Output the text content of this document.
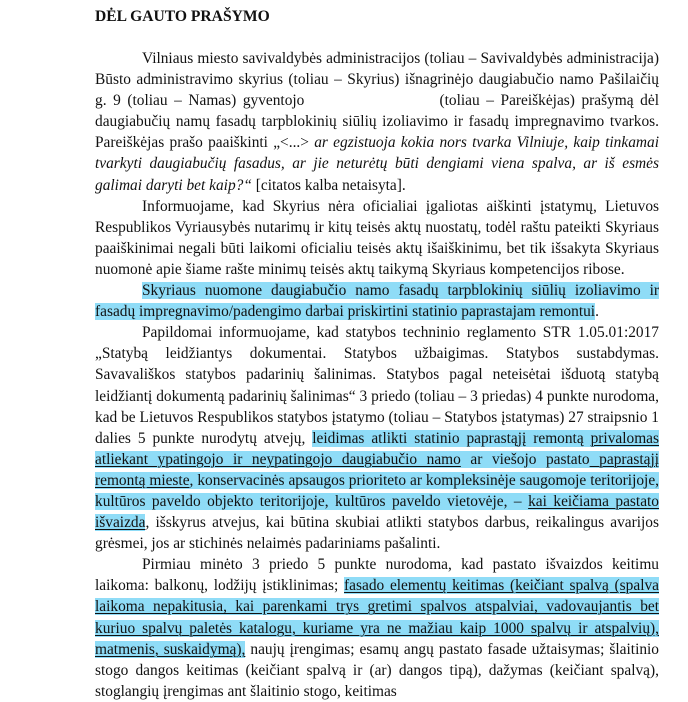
DĖL GAUTO PRAŠYMO

Vilniaus miesto savivaldybės administracijos (toliau – Savivaldybės administracija) Būsto administravimo skyrius (toliau – Skyrius) išnagrinėjo daugiabučio namo Pašilaičių g. 9 (toliau – Namas) gyventojo	(toliau – Pareiškėjas) prašymą dėl daugiabučių namų fasadų tarpblokinių siūlių izoliavimo ir fasadų impregnavimo tvarkos. Pareiškėjas prašo paaiškinti „<...> ar egzistuoja kokia nors tvarka Vilniuje, kaip tinkamai tvarkyti daugiabučių fasadus, ar jie neturėtų būti dengiami viena spalva, ar iš esmės galimai daryti bet kaip?“ [citatos kalba netaisyta].

Informuojame, kad Skyrius nėra oficialiai įgaliotas aiškinti įstatymų, Lietuvos Respublikos Vyriausybės nutarimų ir kitų teisės aktų nuostatų, todėl raštu pateikti Skyriaus paaiškinimai negali būti laikomi oficialiu teisės aktų išaiškinimu, bet tik išsakyta Skyriaus nuomonė apie šiame rašte minimų teisės aktų taikymą Skyriaus kompetencijos ribose.

Skyriaus nuomone daugiabučio namo fasadų tarpblokinių siūlių izoliavimo ir fasadų impregnavimo/padengimo darbai priskirtini statinio paprastajam remontui.

Papildomai informuojame, kad statybos techninio reglamento STR 1.05.01:2017 „Statybą leidžiantys dokumentai. Statybos užbaigimas. Statybos sustabdymas. Savavališkos statybos padarinių šalinimas. Statybos pagal neteisėtai išduotą statybą leidžiantį dokumentą padarinių šalinimas“ 3 priedo (toliau – 3 priedas) 4 punkte nurodoma, kad be Lietuvos Respublikos statybos įstatymo (toliau – Statybos įstatymas) 27 straipsnio 1 dalies 5 punkte nurodytų atvejų, leidimas atlikti statinio paprastąjį remontą privalomas atliekant ypatingojo ir neypatingojo daugiabučio namo ar viešojo pastato paprastąjį remontą mieste, konservacinės apsaugos prioriteto ar kompleksinėje saugomoje teritorijoje, kultūros paveldo objekto teritorijoje, kultūros paveldo vietovėje, – kai keičiama pastato išvaizda, išskyrus atvejus, kai būtina skubiai atlikti statybos darbus, reikalingus avarijos grėsmei, jos ar stichinės nelaimės padariniams pašalinti.

Pirmiau minėto 3 priedo 5 punkte nurodoma, kad pastato išvaizdos keitimu laikoma: balkonų, lodžijų įstiklinimas; fasado elementų keitimas (keičiant spalvą (spalva laikoma nepakitusia, kai parenkami trys gretimi spalvos atspalviai, vadovaujantis bet kuriuo spalvų paletės katalogu, kuriame yra ne mažiau kaip 1000 spalvų ir atspalvių), matmenis, suskaidymą), naujų įrengimas; esamų angų pastato fasade užtaisymas; šlaitinio stogo dangos keitimas (keičiant spalvą ir (ar) dangos tipą), dažymas (keičiant spalvą), stoglangių įrengimas ant šlaitinio stogo, keitimas
